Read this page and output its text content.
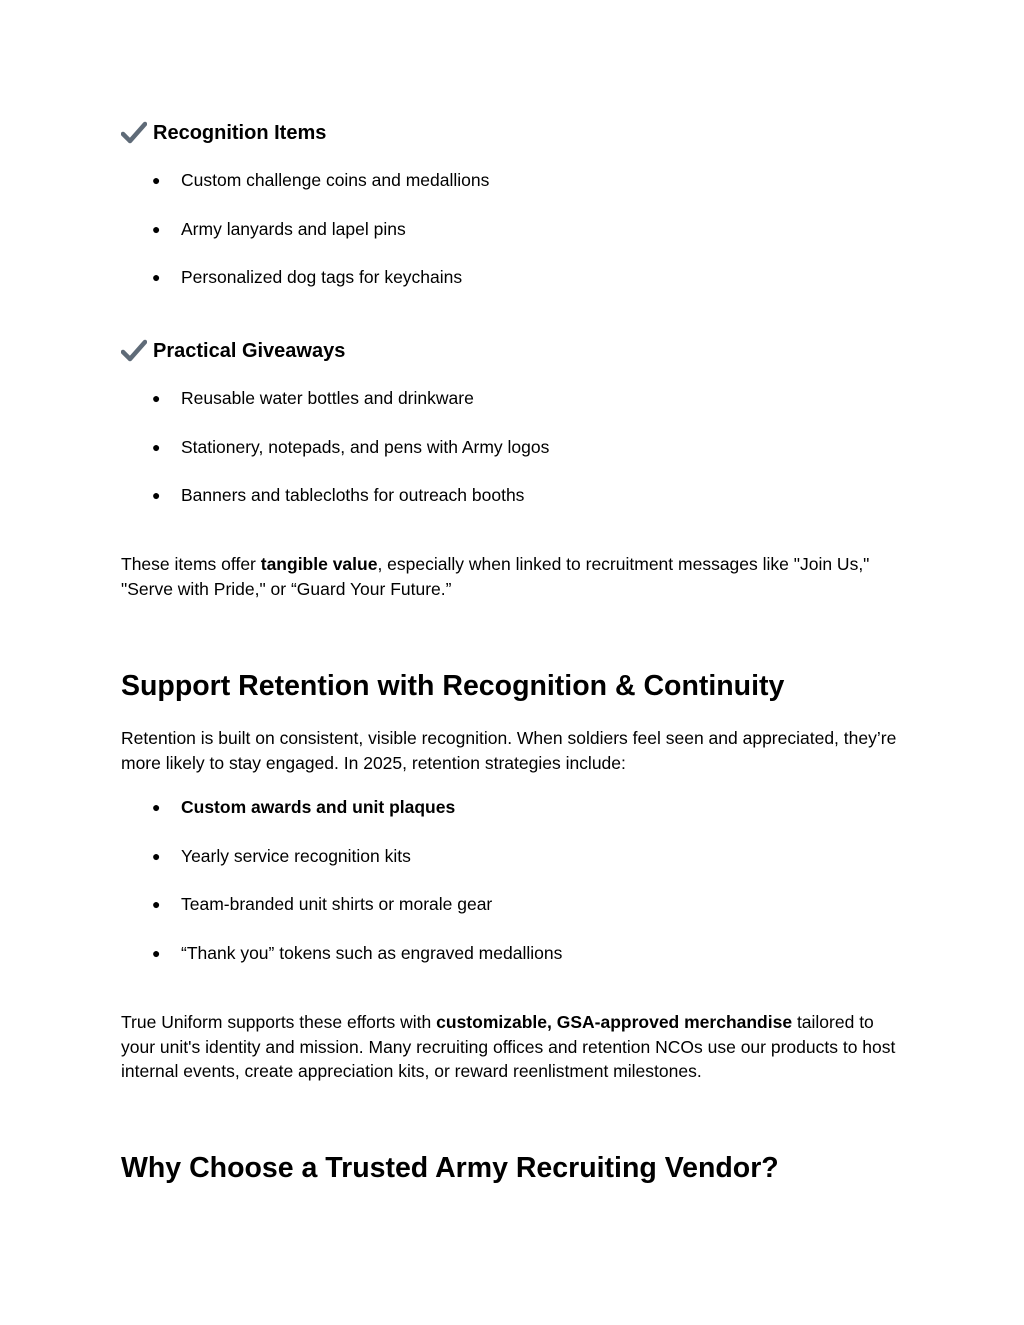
Recognition Items
● Custom challenge coins and medallions
● Army lanyards and lapel pins
● Personalized dog tags for keychains
Practical Giveaways
● Reusable water bottles and drinkware
● Stationery, notepads, and pens with Army logos
● Banners and tablecloths for outreach booths

These items offer tangible value, especially when linked to recruitment messages like "Join Us," "Serve with Pride," or “Guard Your Future.”

Support Retention with Recognition & Continuity

Retention is built on consistent, visible recognition. When soldiers feel seen and appreciated, they’re more likely to stay engaged. In 2025, retention strategies include:

● Custom awards and unit plaques
● Yearly service recognition kits
● Team-branded unit shirts or morale gear
● “Thank you” tokens such as engraved medallions

True Uniform supports these efforts with customizable, GSA-approved merchandise tailored to your unit's identity and mission. Many recruiting offices and retention NCOs use our products to host internal events, create appreciation kits, or reward reenlistment milestones.

Why Choose a Trusted Army Recruiting Vendor?
